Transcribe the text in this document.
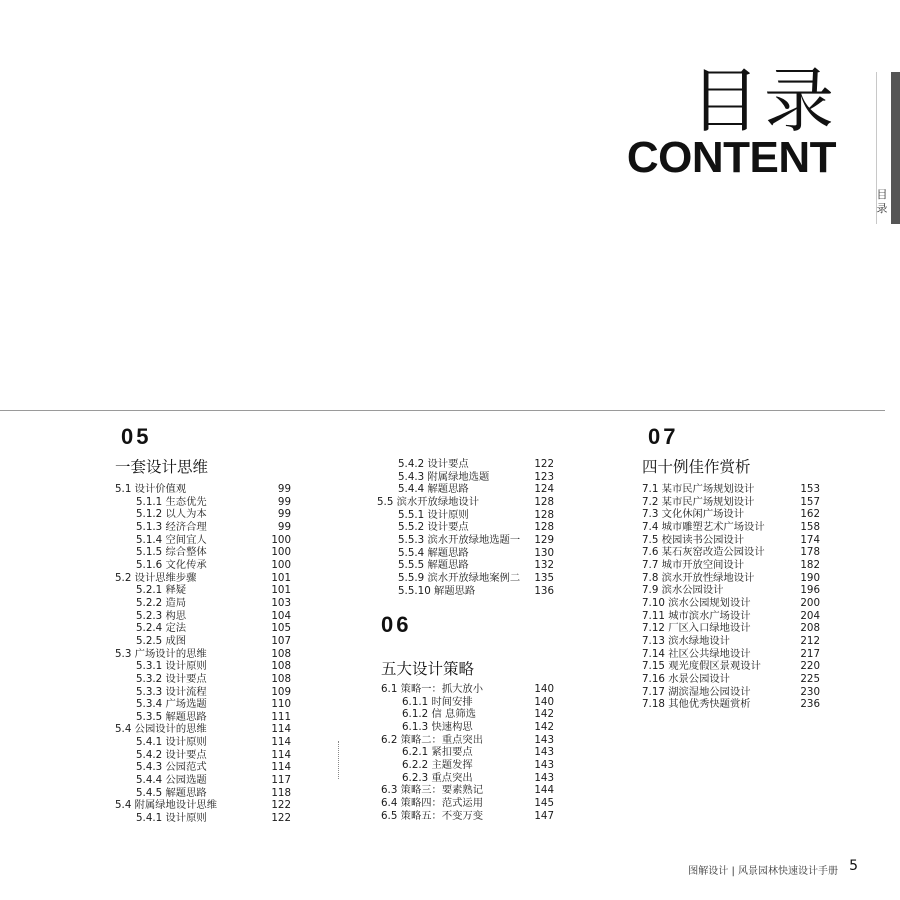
目录
CONTENT
目录
05
一套设计思维
5.1 设计价值观	99
5.1.1 生态优先	99
5.1.2 以人为本	99
5.1.3 经济合理	99
5.1.4 空间宜人	100
5.1.5 综合整体	100
5.1.6 文化传承	100
5.2 设计思维步骤	101
5.2.1 释疑	101
5.2.2 造局	103
5.2.3 构思	104
5.2.4 定法	105
5.2.5 成图	107
5.3 广场设计的思维	108
5.3.1 设计原则	108
5.3.2 设计要点	108
5.3.3 设计流程	109
5.3.4 广场选题	110
5.3.5 解题思路	111
5.4 公园设计的思维	114
5.4.1 设计原则	114
5.4.2 设计要点	114
5.4.3 公园范式	114
5.4.4 公园选题	117
5.4.5 解题思路	118
5.4 附属绿地设计思维	122
5.4.1 设计原则	122
5.4.2 设计要点	122
5.4.3 附属绿地选题	123
5.4.4 解题思路	124
5.5 滨水开放绿地设计	128
5.5.1 设计原则	128
5.5.2 设计要点	128
5.5.3 滨水开放绿地选题一 129
5.5.4 解题思路	130
5.5.5 解题思路	132
5.5.9 滨水开放绿地案例二 135
5.5.10 解题思路	136
06
五大设计策略
6.1 策略一：抓大放小	140
6.1.1 时间安排	140
6.1.2 信 息筛选	142
6.1.3 快速构思	142
6.2 策略二：重点突出	143
6.2.1 紧扣要点	143
6.2.2 主题发挥	143
6.2.3 重点突出	143
6.3 策略三：要素熟记	144
6.4 策略四：范式运用	145
6.5 策略五：不变万变	147
07
四十例佳作赏析
7.1 某市民广场规划设计	153
7.2 某市民广场规划设计	157
7.3 文化休闲广场设计	162
7.4 城市雕塑艺术广场设计	158
7.5 校园读书公园设计	174
7.6 某石灰窑改造公园设计	178
7.7 城市开放空间设计	182
7.8 滨水开放性绿地设计	190
7.9 滨水公园设计	196
7.10 滨水公园规划设计	200
7.11 城市滨水广场设计	204
7.12 厂区入口绿地设计	208
7.13 滨水绿地设计	212
7.14 社区公共绿地设计	217
7.15 观光度假区景观设计	220
7.16 水景公园设计	225
7.17 湖滨湿地公园设计	230
7.18 其他优秀快题赏析	236
图解设计 | 风景园林快速设计手册 5
